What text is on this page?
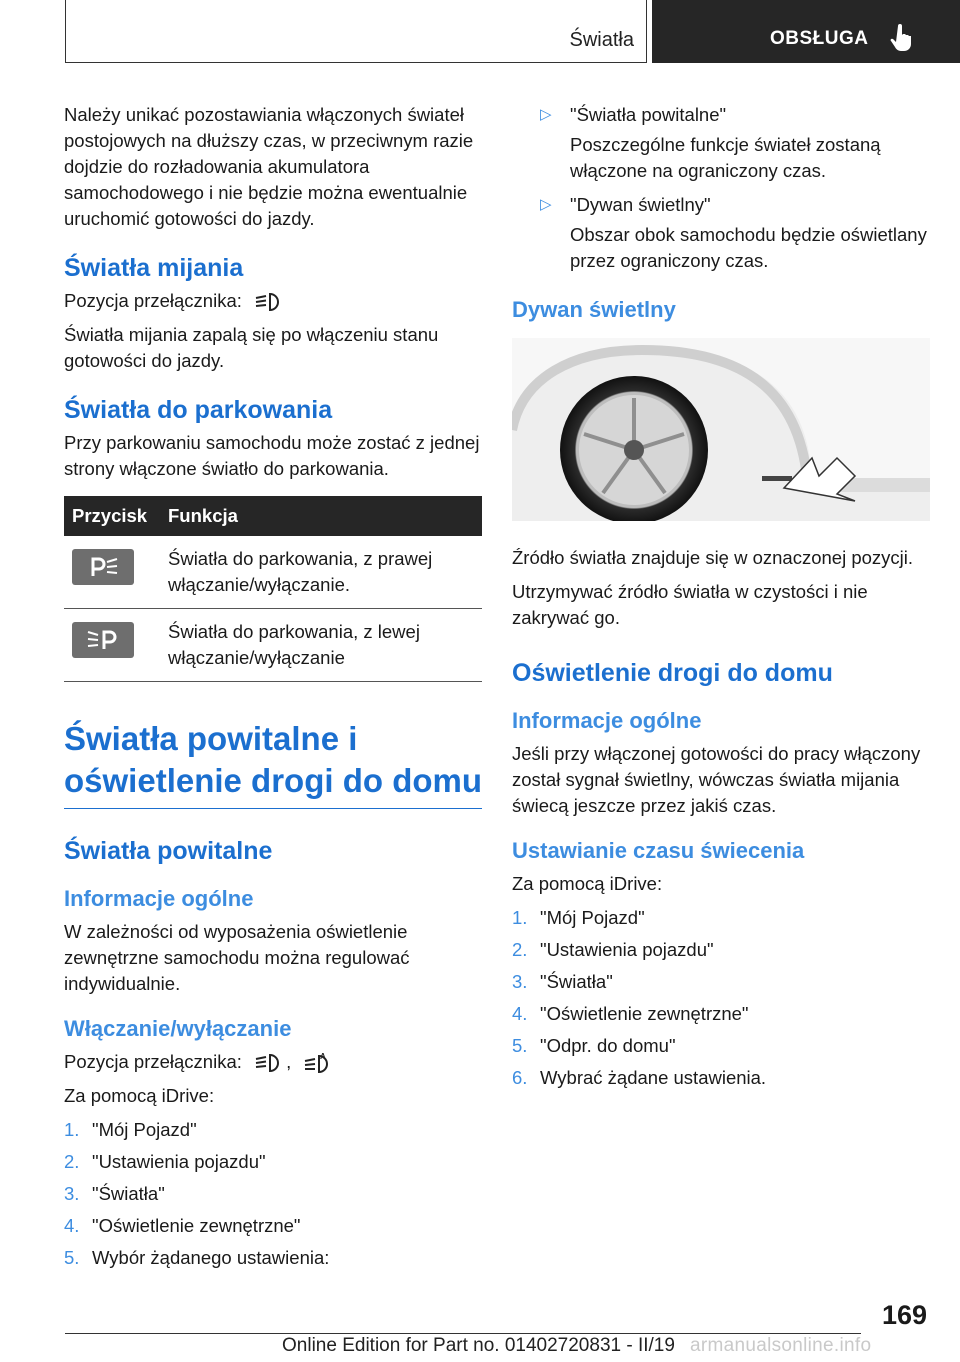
Światła	OBSŁUGA

Należy unikać pozostawiania włączonych świateł postojowych na dłuższy czas, w przeciwnym razie dojdzie do rozładowania akumulatora samochodowego i nie będzie można ewentualnie uruchomić gotowości do jazdy.

Światła mijania

Pozycja przełącznika:

Światła mijania zapalą się po włączeniu stanu gotowości do jazdy.

Światła do parkowania

Przy parkowaniu samochodu może zostać z jednej strony włączone światło do parkowania.

Przycisk	Funkcja

	Światła do parkowania, z prawej włączanie/wyłączanie.

	Światła do parkowania, z lewej włączanie/wyłączanie
Światła powitalne i oświetlenie drogi do domu
Światła powitalne
Informacje ogólne

W zależności od wyposażenia oświetlenie zewnętrzne samochodu można regulować indywidualnie.

Włączanie/wyłączanie

Pozycja przełącznika: ,	A

Za pomocą iDrive:

1. "Mój Pojazd"
2. "Ustawienia pojazdu"
3. "Światła"
4. "Oświetlenie zewnętrzne"
5. Wybór żądanego ustawienia:
▷ "Światła powitalne"
Poszczególne funkcje świateł zostaną włączone na ograniczony czas.
▷ "Dywan świetlny"
Obszar obok samochodu będzie oświetlany przez ograniczony czas.
Dywan świetlny

Źródło światła znajduje się w oznaczonej pozycji.

Utrzymywać źródło światła w czystości i nie zakrywać go.

Oświetlenie drogi do domu
Informacje ogólne

Jeśli przy włączonej gotowości do pracy włączony został sygnał świetlny, wówczas światła mijania świecą jeszcze przez jakiś czas.

Ustawianie czasu świecenia

Za pomocą iDrive:

1. "Mój Pojazd"
2. "Ustawienia pojazdu"
3. "Światła"
4. "Oświetlenie zewnętrzne"
5. "Odpr. do domu"
6. Wybrać żądane ustawienia.
169
Online Edition for Part no. 01402720831 - II/19 armanualsonline.info
